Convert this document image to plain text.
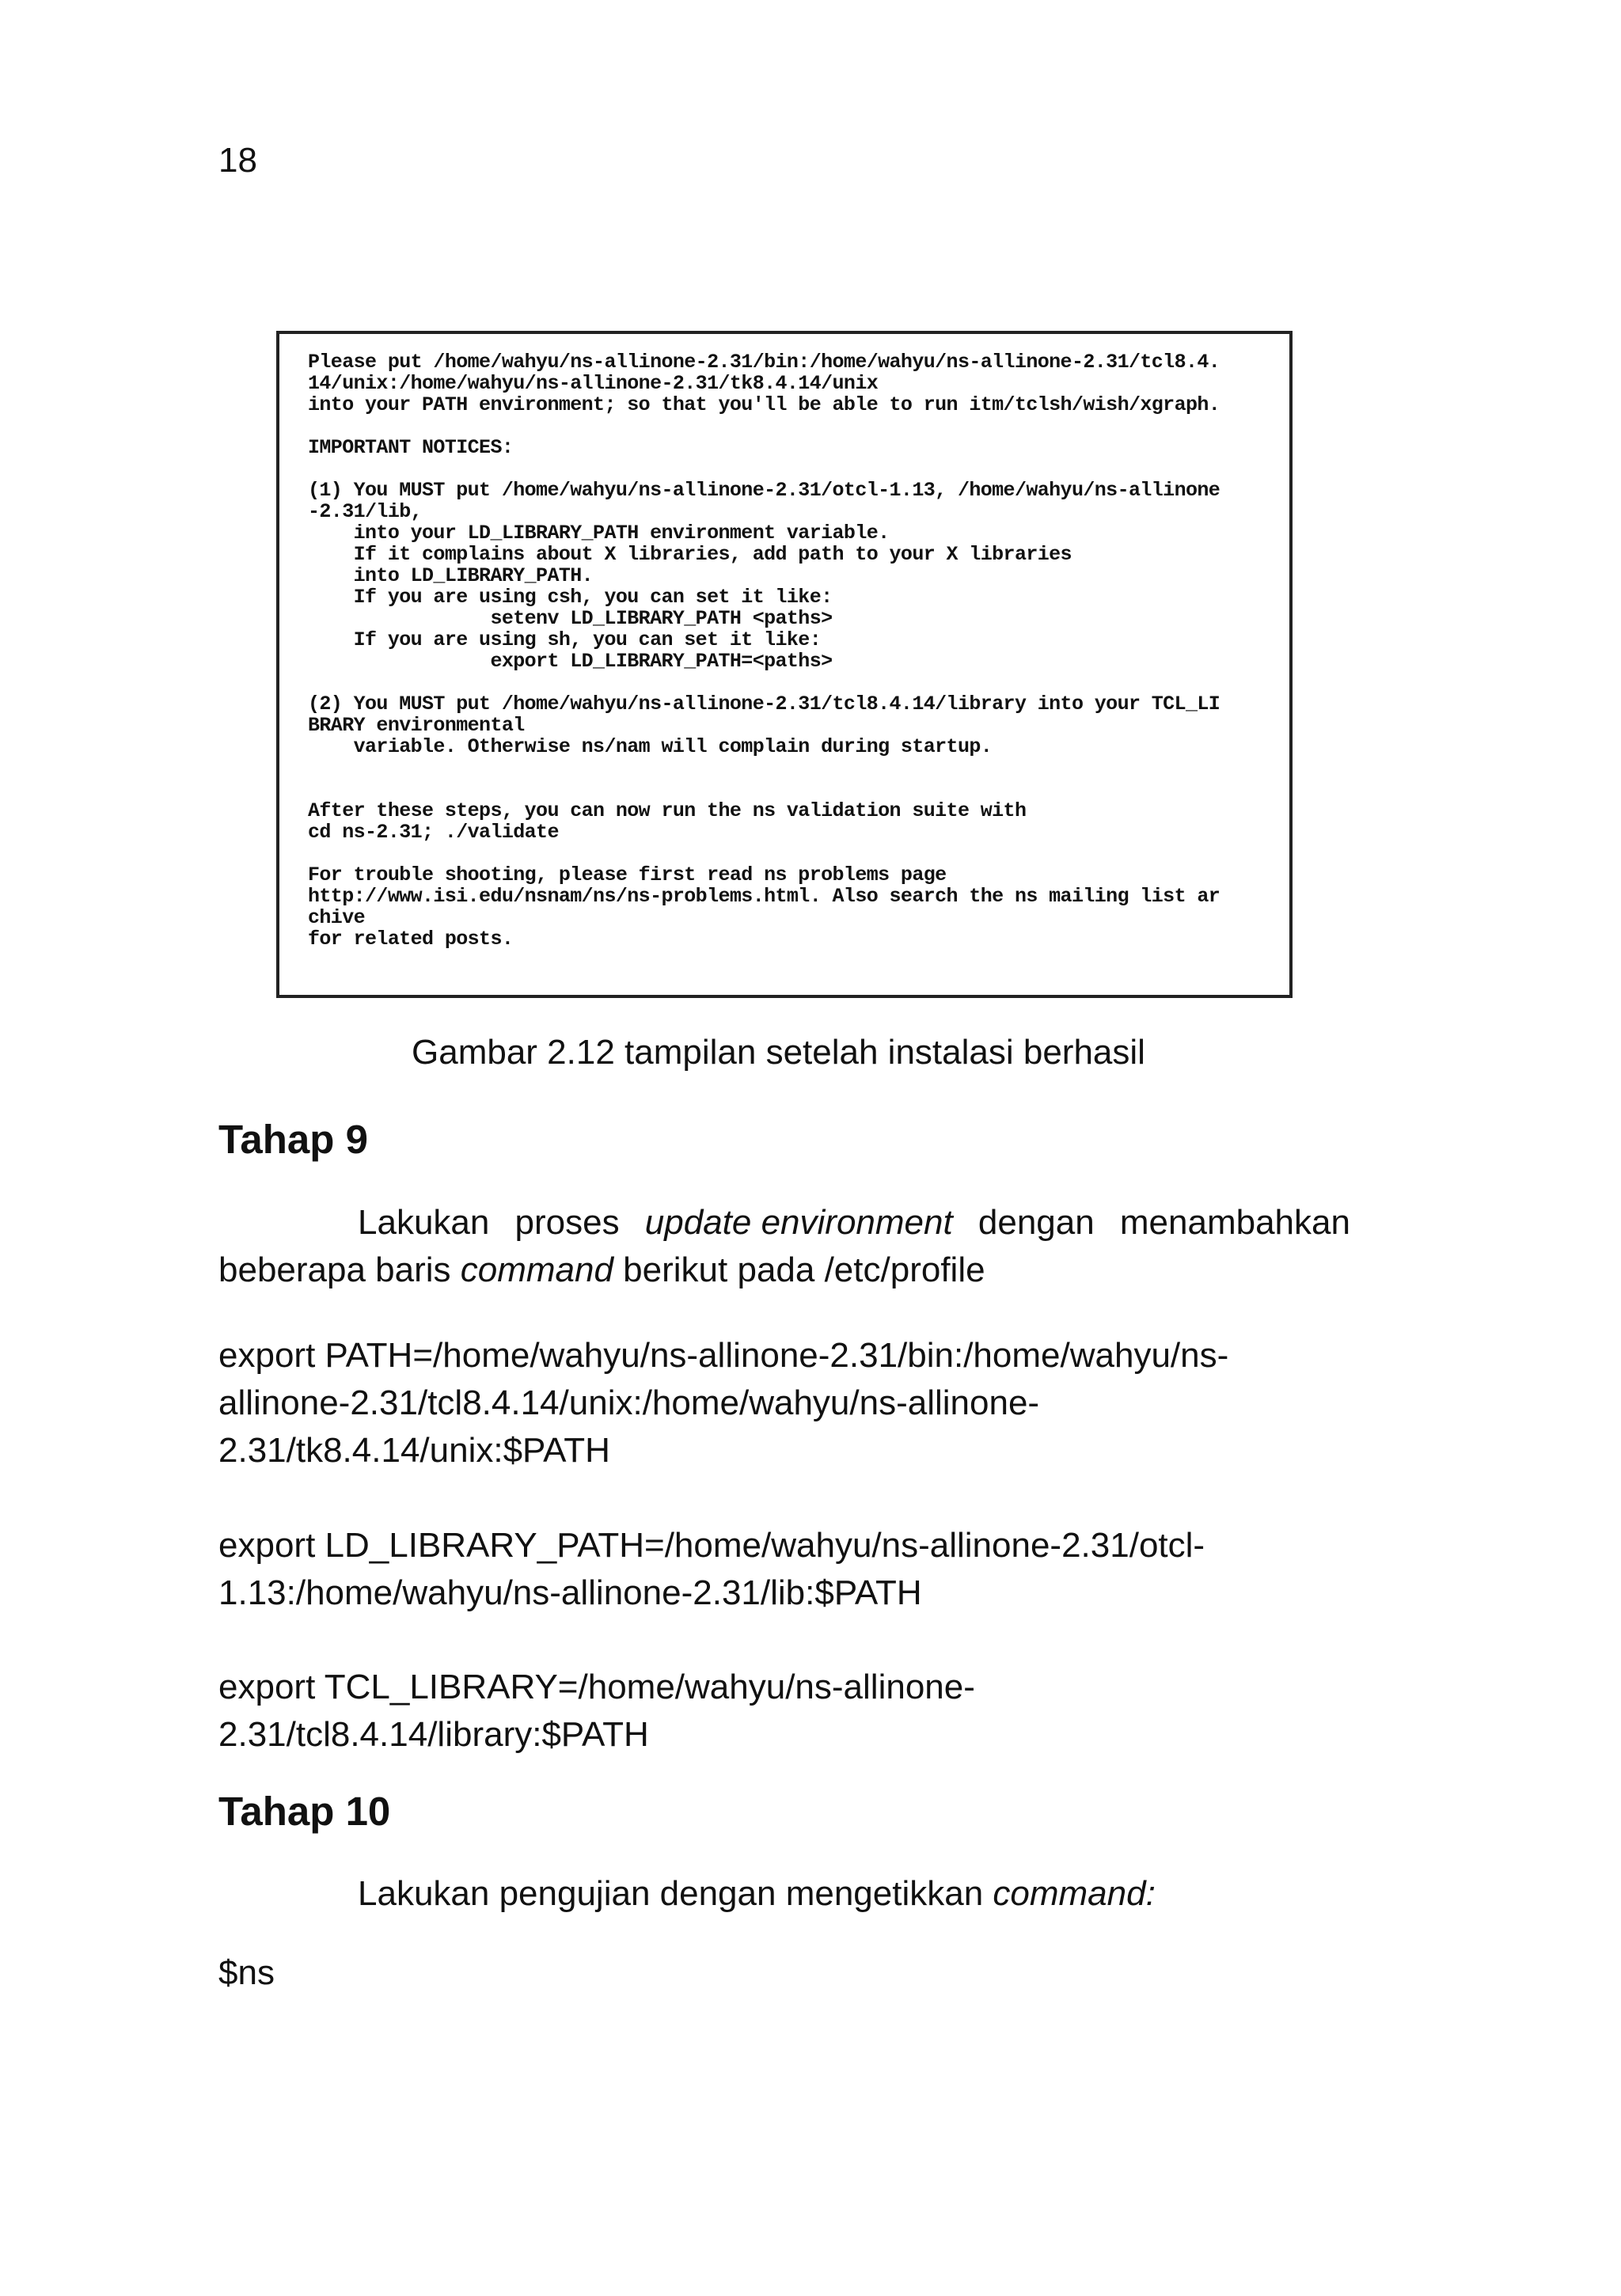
18
Please put /home/wahyu/ns-allinone-2.31/bin:/home/wahyu/ns-allinone-2.31/tcl8.4.
14/unix:/home/wahyu/ns-allinone-2.31/tk8.4.14/unix
into your PATH environment; so that you'll be able to run itm/tclsh/wish/xgraph.

IMPORTANT NOTICES:

(1) You MUST put /home/wahyu/ns-allinone-2.31/otcl-1.13, /home/wahyu/ns-allinone
-2.31/lib,
into your LD_LIBRARY_PATH environment variable.
If it complains about X libraries, add path to your X libraries
into LD_LIBRARY_PATH.
If you are using csh, you can set it like:
setenv LD_LIBRARY_PATH <paths>
If you are using sh, you can set it like:
export LD_LIBRARY_PATH=<paths>

(2) You MUST put /home/wahyu/ns-allinone-2.31/tcl8.4.14/library into your TCL_LI
BRARY environmental
variable. Otherwise ns/nam will complain during startup.

After these steps, you can now run the ns validation suite with
cd ns-2.31; ./validate

For trouble shooting, please first read ns problems page
http://www.isi.edu/nsnam/ns/ns-problems.html. Also search the ns mailing list ar
chive
for related posts.
Gambar 2.12 tampilan setelah instalasi berhasil
Tahap 9
Lakukan proses update environment dengan menambahkan
beberapa baris command berikut pada /etc/profile
export PATH=/home/wahyu/ns-allinone-2.31/bin:/home/wahyu/ns-
allinone-2.31/tcl8.4.14/unix:/home/wahyu/ns-allinone-
2.31/tk8.4.14/unix:$PATH
export LD_LIBRARY_PATH=/home/wahyu/ns-allinone-2.31/otcl-
1.13:/home/wahyu/ns-allinone-2.31/lib:$PATH
export TCL_LIBRARY=/home/wahyu/ns-allinone-
2.31/tcl8.4.14/library:$PATH
Tahap 10
Lakukan pengujian dengan mengetikkan command:
$ns
